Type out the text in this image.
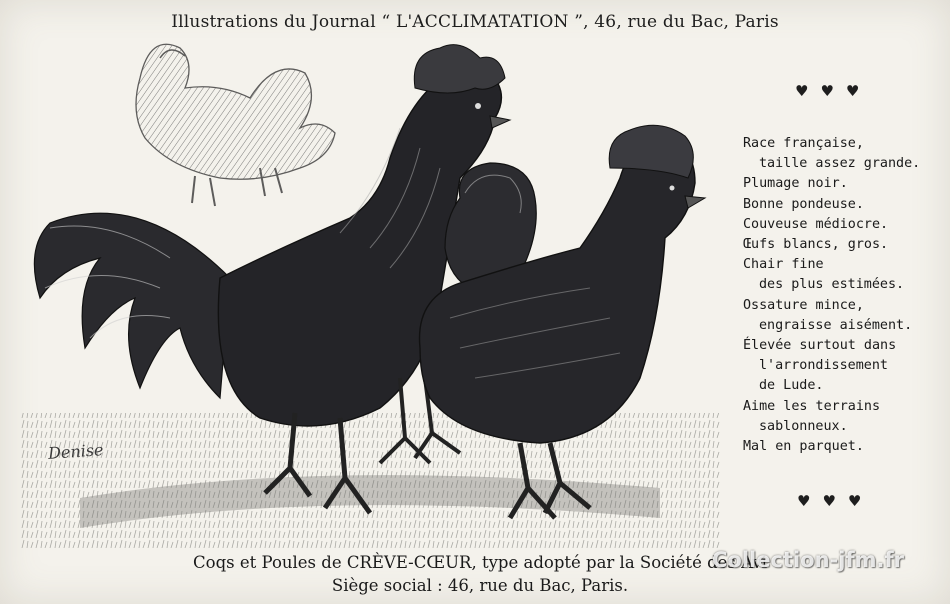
Illustrations du Journal “ L'ACCLIMATATION ”, 46, rue du Bac, Paris
Denise
♥♥♥
Race française,
taille assez grande.
Plumage noir.
Bonne pondeuse.
Couveuse médiocre.
Œufs blancs, gros.
Chair fine
des plus estimées.
Ossature mince,
engraisse aisément.
Élevée surtout dans
l'arrondissement
de Lude.
Aime les terrains
sablonneux.
Mal en parquet.
♥♥♥
Coqs et Poules de CRÈVE-CŒUR, type adopté par la Société des Avi
Siège social : 46, rue du Bac, Paris.
Collection-jfm.fr
